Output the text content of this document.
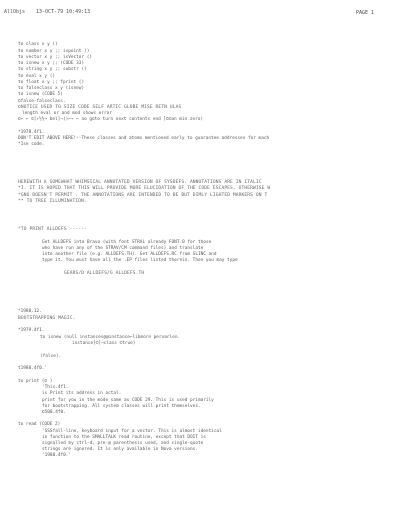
AllObjs 13-OCT-79 10:49:13	PAGE 1
to class x y ()
to number x y ;; ispoint ()
to vector x y ;; isVector ()
to isnew x y ;; (CODE 33)
to string x y ;; substr ()
to eval x y ()
to float x y ;; fprint ()
to falseclass x y (isnew)
to isnew (CODE 5)
©false-falseclass.
©NOTICE USED TO SIZE CODE SELF ARTIC GLOBE MISE RETN ULAS
length eval or and mod shows error
©← ← ©[↑½½→ bel]→()←→ ← no goto turn next contents end ]©©an min zero)
*1978.4f1.
DON'T EDIT ABOVE HERE!--These classes and atoms mentioned early to guarantee addresses for mach
*1se code.
HEREWITH A SOMEWHAT WHIMSICAL ANNOTATED VERSION OF SYSDEFS. ANNOTATIONS ARE IN ITALIC
*I. IT IS HOPED THAT THIS WILL PROVIDE MORE ELUCIDATION OF THE CODE ESCAPES, OTHERWISE W
*GNO DOESN'T PERMIT . THE ANNOTATIONS ARE INTENDED TO BE BUT DIMLY LIGHTED MARKERS ON T
** TO TREE ILLUMINATION.
*TO PRINT ALLDEFS ------
Get ALLDEFS into Bravo (with font STRAL already FONT.0 for those
who have run any of the STRAV/CM command files) and translate
into another file (e.g. ALLDEFS.TH). Get ALLDEFS.RC from SLINC and
type it. You must have all the .EP files listed therein. Then you may type
GEARS/D ALLDEFS/G ALLDEFS.TH
*1980.12.
BOOTSTRAPPING MAGIC.
*1979.4f1.
to isnew (null instances@@instance←libmore pervarlen.
instance[©]→class ©true)
(false).
t1980.4f0.'
to print (© )
'This.4f1.
is Print its address in octal.
print for you in the mode same as CODE 29. This is used primarily
for bootstrapping. All system classes will print themselves.
©500.4f0.
to read (CODE 2)
'SSSfall-line, keyboard input for a vector. This is almost identical
in function to the SMALLTALK read routine, except that DOIT is
signalled by ctrl-d, pre-@ parenthesis used, and single-quote
strings are ignored. It is only available in Nova versions.
'1980.4f0.'
